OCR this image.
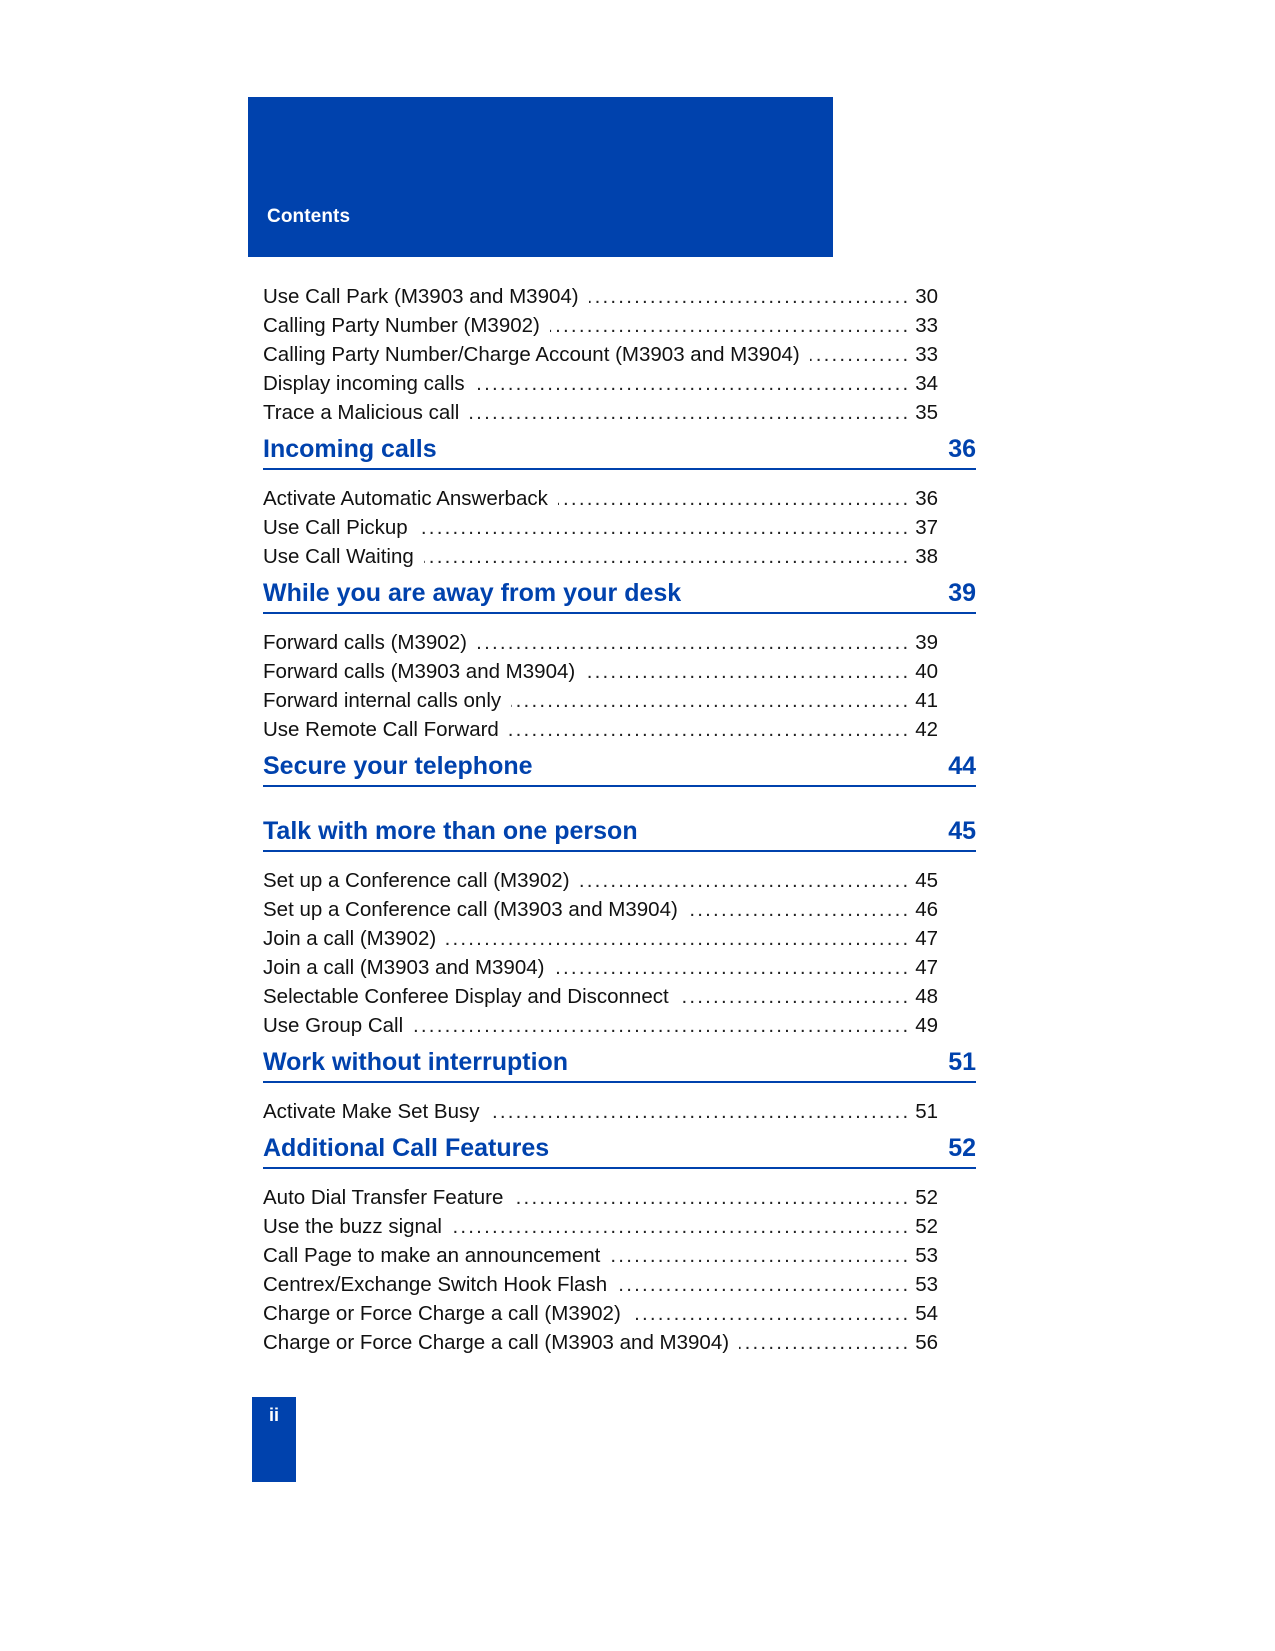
Contents
.....
Use Call Park (M3903 and M3904)	30
.....
Calling Party Number (M3902)	33
.....
Calling Party Number/Charge Account (M3903 and M3904)	33
.....
Display incoming calls	34
.....
Trace a Malicious call	35
Incoming calls	36
.....
Activate Automatic Answerback	36
.....
Use Call Pickup	37
.....
Use Call Waiting	38
While you are away from your desk	39
.....
Forward calls (M3902)	39
.....
Forward calls (M3903 and M3904)	40
.....
Forward internal calls only	41
.....
Use Remote Call Forward	42
Secure your telephone	44
Talk with more than one person	45
.....
Set up a Conference call (M3902)	45
.....
Set up a Conference call (M3903 and M3904)	46
.....
Join a call (M3902)	47
.....
Join a call (M3903 and M3904)	47
.....
Selectable Conferee Display and Disconnect	48
.....
Use Group Call	49
Work without interruption	51
.....
Activate Make Set Busy	51
Additional Call Features	52
.....
Auto Dial Transfer Feature	52
.....
Use the buzz signal	52
.....
Call Page to make an announcement	53
.....
Centrex/Exchange Switch Hook Flash	53
.....
Charge or Force Charge a call (M3902)	54
.....
Charge or Force Charge a call (M3903 and M3904)	56
ii
